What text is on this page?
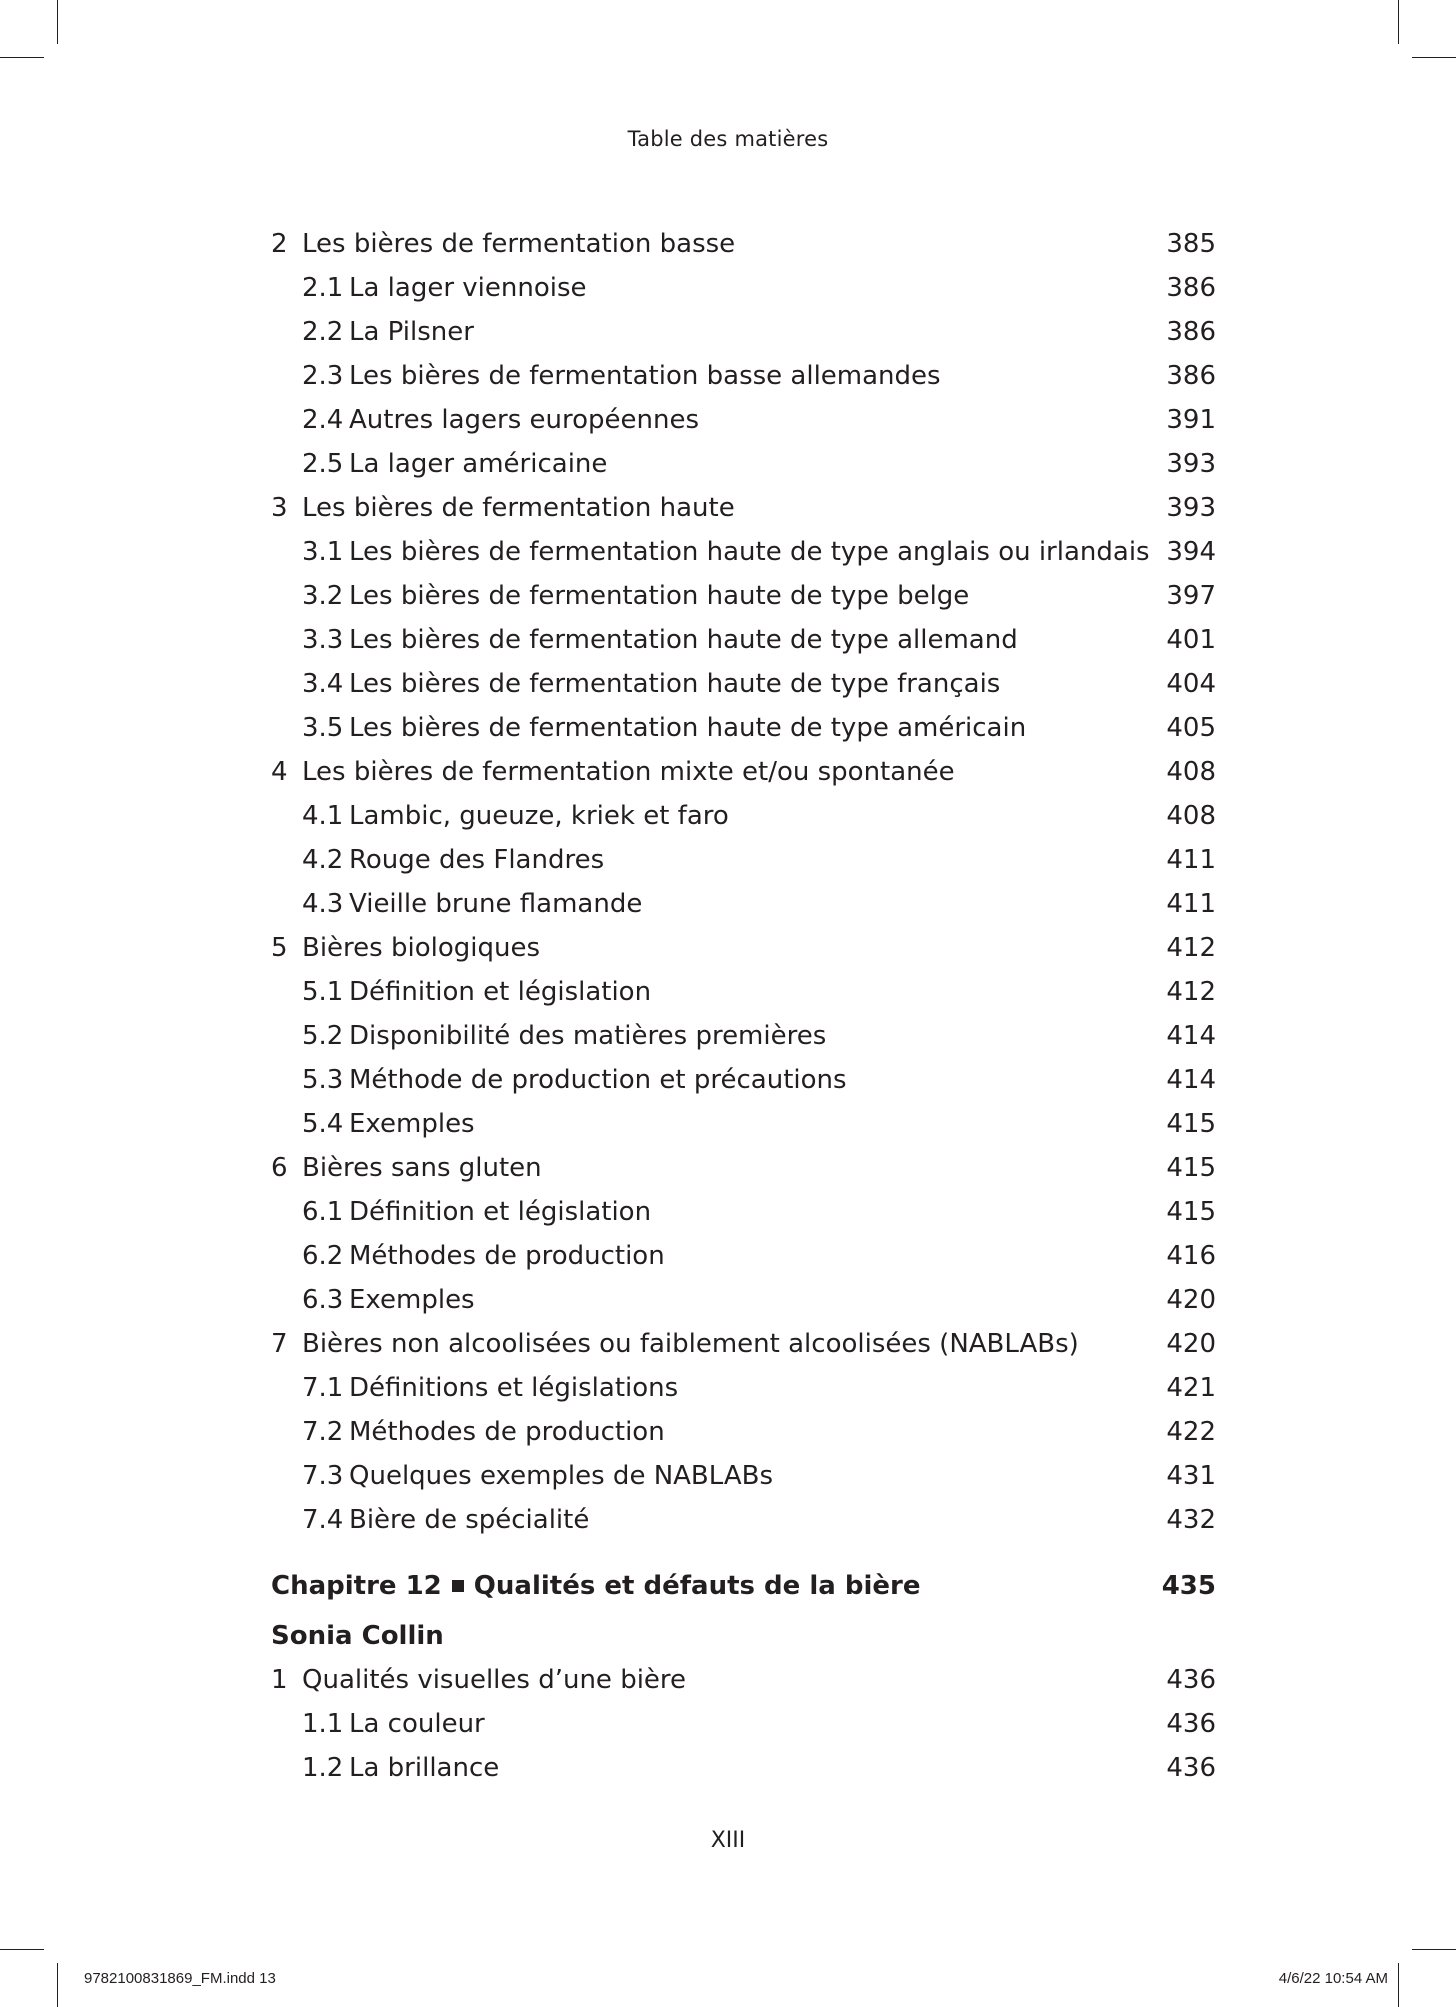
Table des matières
2 Les bières de fermentation basse	385
2.1 La lager viennoise	386
2.2 La Pilsner	386
2.3 Les bières de fermentation basse allemandes	386
2.4 Autres lagers européennes	391
2.5 La lager américaine	393
3 Les bières de fermentation haute	393
3.1 Les bières de fermentation haute de type anglais ou irlandais 394
3.2 Les bières de fermentation haute de type belge	397
3.3 Les bières de fermentation haute de type allemand	401
3.4 Les bières de fermentation haute de type français	404
3.5 Les bières de fermentation haute de type américain	405
4 Les bières de fermentation mixte et/ou spontanée	408
4.1 Lambic, gueuze, kriek et faro	408
4.2 Rouge des Flandres	411
4.3 Vieille brune flamande	411
5 Bières biologiques	412
5.1 Définition et législation	412
5.2 Disponibilité des matières premières	414
5.3 Méthode de production et précautions	414
5.4 Exemples	415
6 Bières sans gluten	415
6.1 Définition et législation	415
6.2 Méthodes de production	416
6.3 Exemples	420
7 Bières non alcoolisées ou faiblement alcoolisées (NABLABs)	420
7.1 Définitions et législations	421
7.2 Méthodes de production	422
7.3 Quelques exemples de NABLABs	431
7.4 Bière de spécialité	432
Chapitre 12 Qualités et défauts de la bière	435
Sonia Collin
1 Qualités visuelles d’une bière	436
1.1 La couleur	436
1.2 La brillance	436
XIII
9782100831869_FM.indd 13	4/6/22 10:54 AM
